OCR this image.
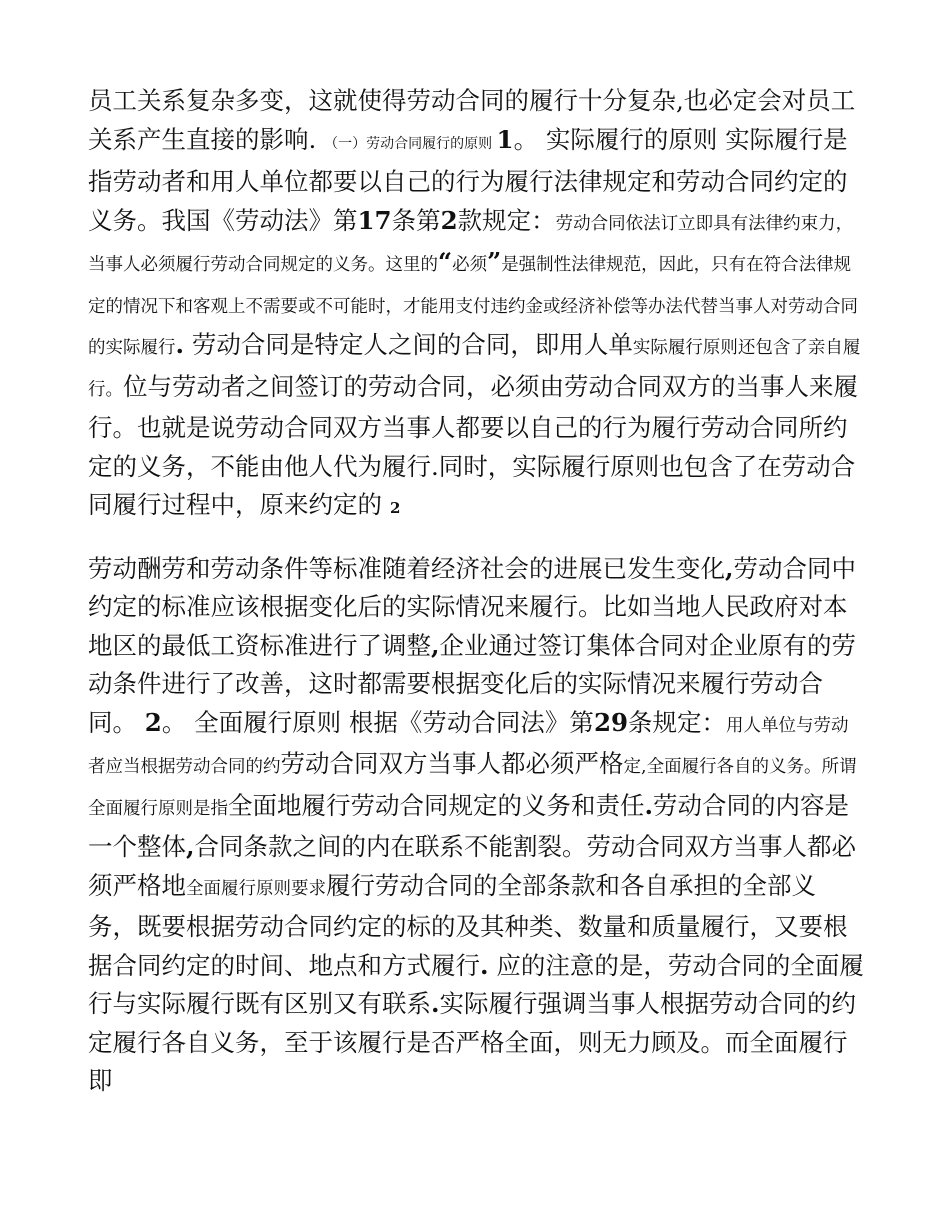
员工关系复杂多变，这就使得劳动合同的履行十分复杂,也必定会对员工关系产生直接的影响. （一）劳动合同履行的原则 1。 实际履行的原则 实际履行是指劳动者和用人单位都要以自己的行为履行法律规定和劳动合同约定的义务。我国《劳动法》第17条第2款规定：劳动合同依法订立即具有法律约束力，当事人必须履行劳动合同规定的义务。这里的“必须”是强制性法律规范，因此，只有在符合法律规定的情况下和客观上不需要或不可能时，才能用支付违约金或经济补偿等办法代替当事人对劳动合同的实际履行. 劳动合同是特定人之间的合同，即用人单实际履行原则还包含了亲自履行。位与劳动者之间签订的劳动合同，必须由劳动合同双方的当事人来履行。也就是说劳动合同双方当事人都要以自己的行为履行劳动合同所约定的义务，不能由他人代为履行.同时，实际履行原则也包含了在劳动合同履行过程中，原来约定的 2

劳动酬劳和劳动条件等标准随着经济社会的进展已发生变化,劳动合同中约定的标准应该根据变化后的实际情况来履行。比如当地人民政府对本地区的最低工资标准进行了调整,企业通过签订集体合同对企业原有的劳动条件进行了改善，这时都需要根据变化后的实际情况来履行劳动合同。 2。 全面履行原则 根据《劳动合同法》第29条规定：用人单位与劳动者应当根据劳动合同的约劳动合同双方当事人都必须严格定,全面履行各自的义务。所谓全面履行原则是指全面地履行劳动合同规定的义务和责任.劳动合同的内容是一个整体,合同条款之间的内在联系不能割裂。劳动合同双方当事人都必须严格地全面履行原则要求履行劳动合同的全部条款和各自承担的全部义务，既要根据劳动合同约定的标的及其种类、数量和质量履行，又要根据合同约定的时间、地点和方式履行. 应的注意的是，劳动合同的全面履行与实际履行既有区别又有联系.实际履行强调当事人根据劳动合同的约定履行各自义务，至于该履行是否严格全面，则无力顾及。而全面履行即
